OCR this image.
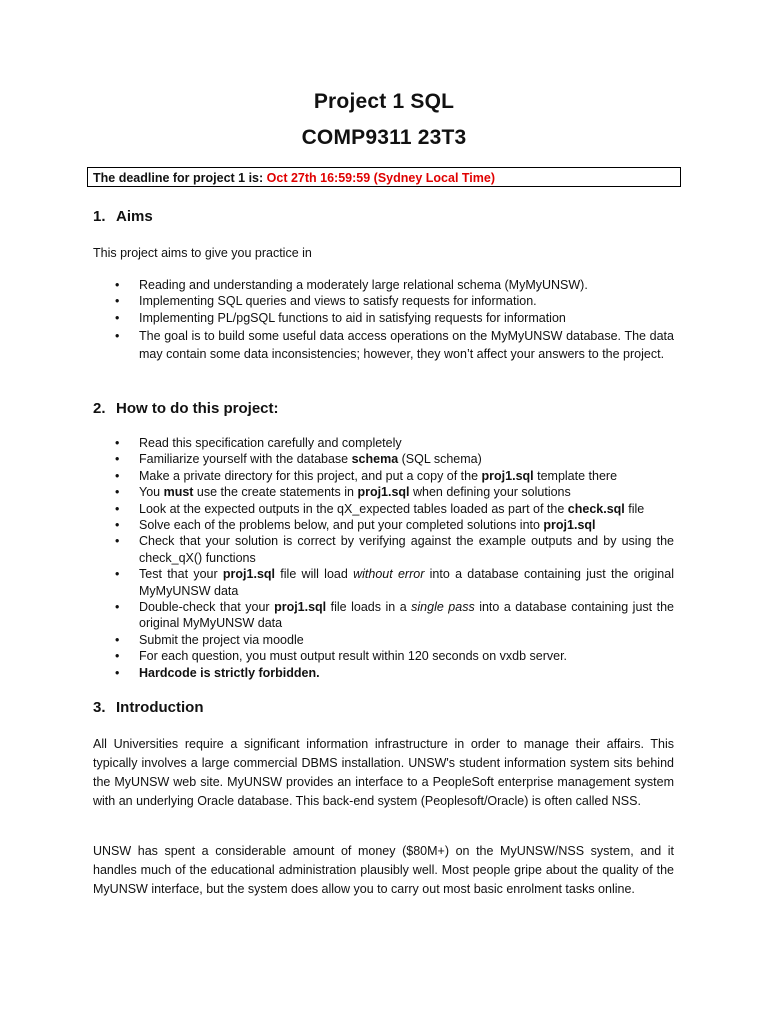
Project 1 SQL
COMP9311 23T3
The deadline for project 1 is: Oct 27th 16:59:59 (Sydney Local Time)
1. Aims

This project aims to give you practice in

• Reading and understanding a moderately large relational schema (MyMyUNSW).
• Implementing SQL queries and views to satisfy requests for information.
• Implementing PL/pgSQL functions to aid in satisfying requests for information
• The goal is to build some useful data access operations on the MyMyUNSW database. The data may contain some data inconsistencies; however, they won’t affect your answers to the project.
2. How to do this project:
• Read this specification carefully and completely
• Familiarize yourself with the database schema (SQL schema)
• Make a private directory for this project, and put a copy of the proj1.sql template there
• You must use the create statements in proj1.sql when defining your solutions
• Look at the expected outputs in the qX_expected tables loaded as part of the check.sql file
• Solve each of the problems below, and put your completed solutions into proj1.sql
• Check that your solution is correct by verifying against the example outputs and by using the check_qX() functions
• Test that your proj1.sql file will load without error into a database containing just the original MyMyUNSW data
• Double-check that your proj1.sql file loads in a single pass into a database containing just the original MyMyUNSW data
• Submit the project via moodle
• For each question, you must output result within 120 seconds on vxdb server.
• Hardcode is strictly forbidden.
3. Introduction

All Universities require a significant information infrastructure in order to manage their affairs. This typically involves a large commercial DBMS installation. UNSW's student information system sits behind the MyUNSW web site. MyUNSW provides an interface to a PeopleSoft enterprise management system with an underlying Oracle database. This back-end system (Peoplesoft/Oracle) is often called NSS.

UNSW has spent a considerable amount of money ($80M+) on the MyUNSW/NSS system, and it handles much of the educational administration plausibly well. Most people gripe about the quality of the MyUNSW interface, but the system does allow you to carry out most basic enrolment tasks online.
